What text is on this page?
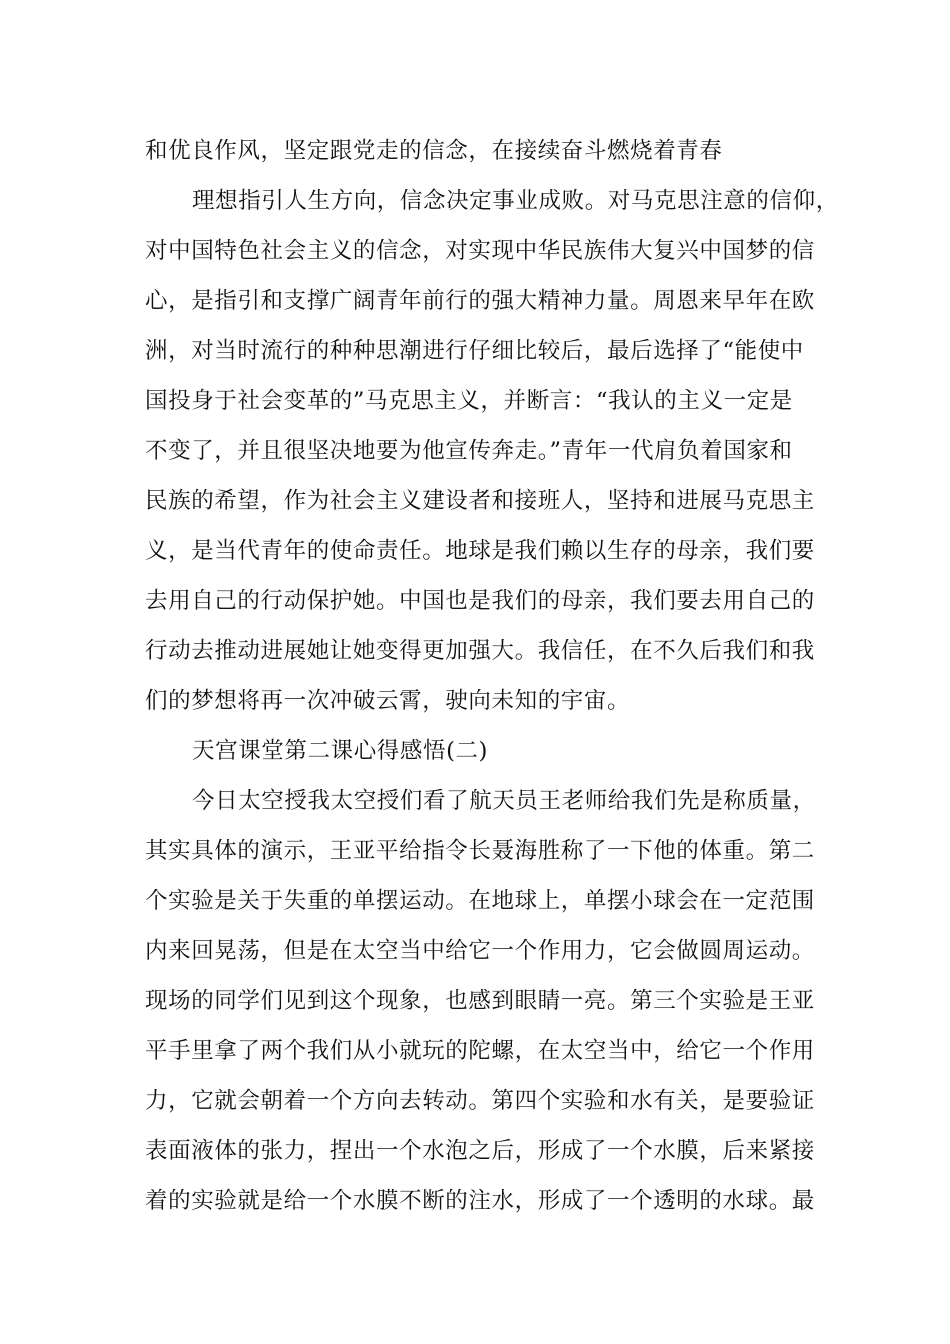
和优良作风，坚定跟党走的信念，在接续奋斗燃烧着青春
理想指引人生方向，信念决定事业成败。对马克思注意的信仰，
对中国特色社会主义的信念，对实现中华民族伟大复兴中国梦的信
心，是指引和支撑广阔青年前行的强大精神力量。周恩来早年在欧
洲，对当时流行的种种思潮进行仔细比较后，最后选择了“能使中
国投身于社会变革的”马克思主义，并断言：“我认的主义一定是
不变了，并且很坚决地要为他宣传奔走。”青年一代肩负着国家和
民族的希望，作为社会主义建设者和接班人，坚持和进展马克思主
义，是当代青年的使命责任。地球是我们赖以生存的母亲，我们要
去用自己的行动保护她。中国也是我们的母亲，我们要去用自己的
行动去推动进展她让她变得更加强大。我信任，在不久后我们和我
们的梦想将再一次冲破云霄，驶向未知的宇宙。
天宫课堂第二课心得感悟(二)
今日太空授我太空授们看了航天员王老师给我们先是称质量，
其实具体的演示，王亚平给指令长聂海胜称了一下他的体重。第二
个实验是关于失重的单摆运动。在地球上，单摆小球会在一定范围
内来回晃荡，但是在太空当中给它一个作用力，它会做圆周运动。
现场的同学们见到这个现象，也感到眼睛一亮。第三个实验是王亚
平手里拿了两个我们从小就玩的陀螺，在太空当中，给它一个作用
力，它就会朝着一个方向去转动。第四个实验和水有关，是要验证
表面液体的张力，捏出一个水泡之后，形成了一个水膜，后来紧接
着的实验就是给一个水膜不断的注水，形成了一个透明的水球。最
